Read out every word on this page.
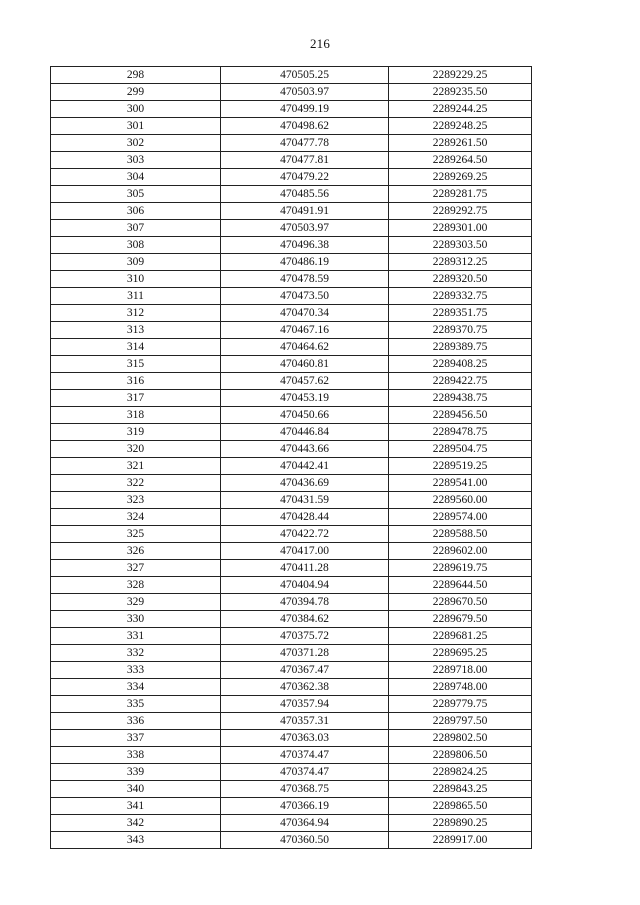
216
298	470505.25	2289229.25
299	470503.97	2289235.50
300	470499.19	2289244.25
301	470498.62	2289248.25
302	470477.78	2289261.50
303	470477.81	2289264.50
304	470479.22	2289269.25
305	470485.56	2289281.75
306	470491.91	2289292.75
307	470503.97	2289301.00
308	470496.38	2289303.50
309	470486.19	2289312.25
310	470478.59	2289320.50
311	470473.50	2289332.75
312	470470.34	2289351.75
313	470467.16	2289370.75
314	470464.62	2289389.75
315	470460.81	2289408.25
316	470457.62	2289422.75
317	470453.19	2289438.75
318	470450.66	2289456.50
319	470446.84	2289478.75
320	470443.66	2289504.75
321	470442.41	2289519.25
322	470436.69	2289541.00
323	470431.59	2289560.00
324	470428.44	2289574.00
325	470422.72	2289588.50
326	470417.00	2289602.00
327	470411.28	2289619.75
328	470404.94	2289644.50
329	470394.78	2289670.50
330	470384.62	2289679.50
331	470375.72	2289681.25
332	470371.28	2289695.25
333	470367.47	2289718.00
334	470362.38	2289748.00
335	470357.94	2289779.75
336	470357.31	2289797.50
337	470363.03	2289802.50
338	470374.47	2289806.50
339	470374.47	2289824.25
340	470368.75	2289843.25
341	470366.19	2289865.50
342	470364.94	2289890.25
343	470360.50	2289917.00
